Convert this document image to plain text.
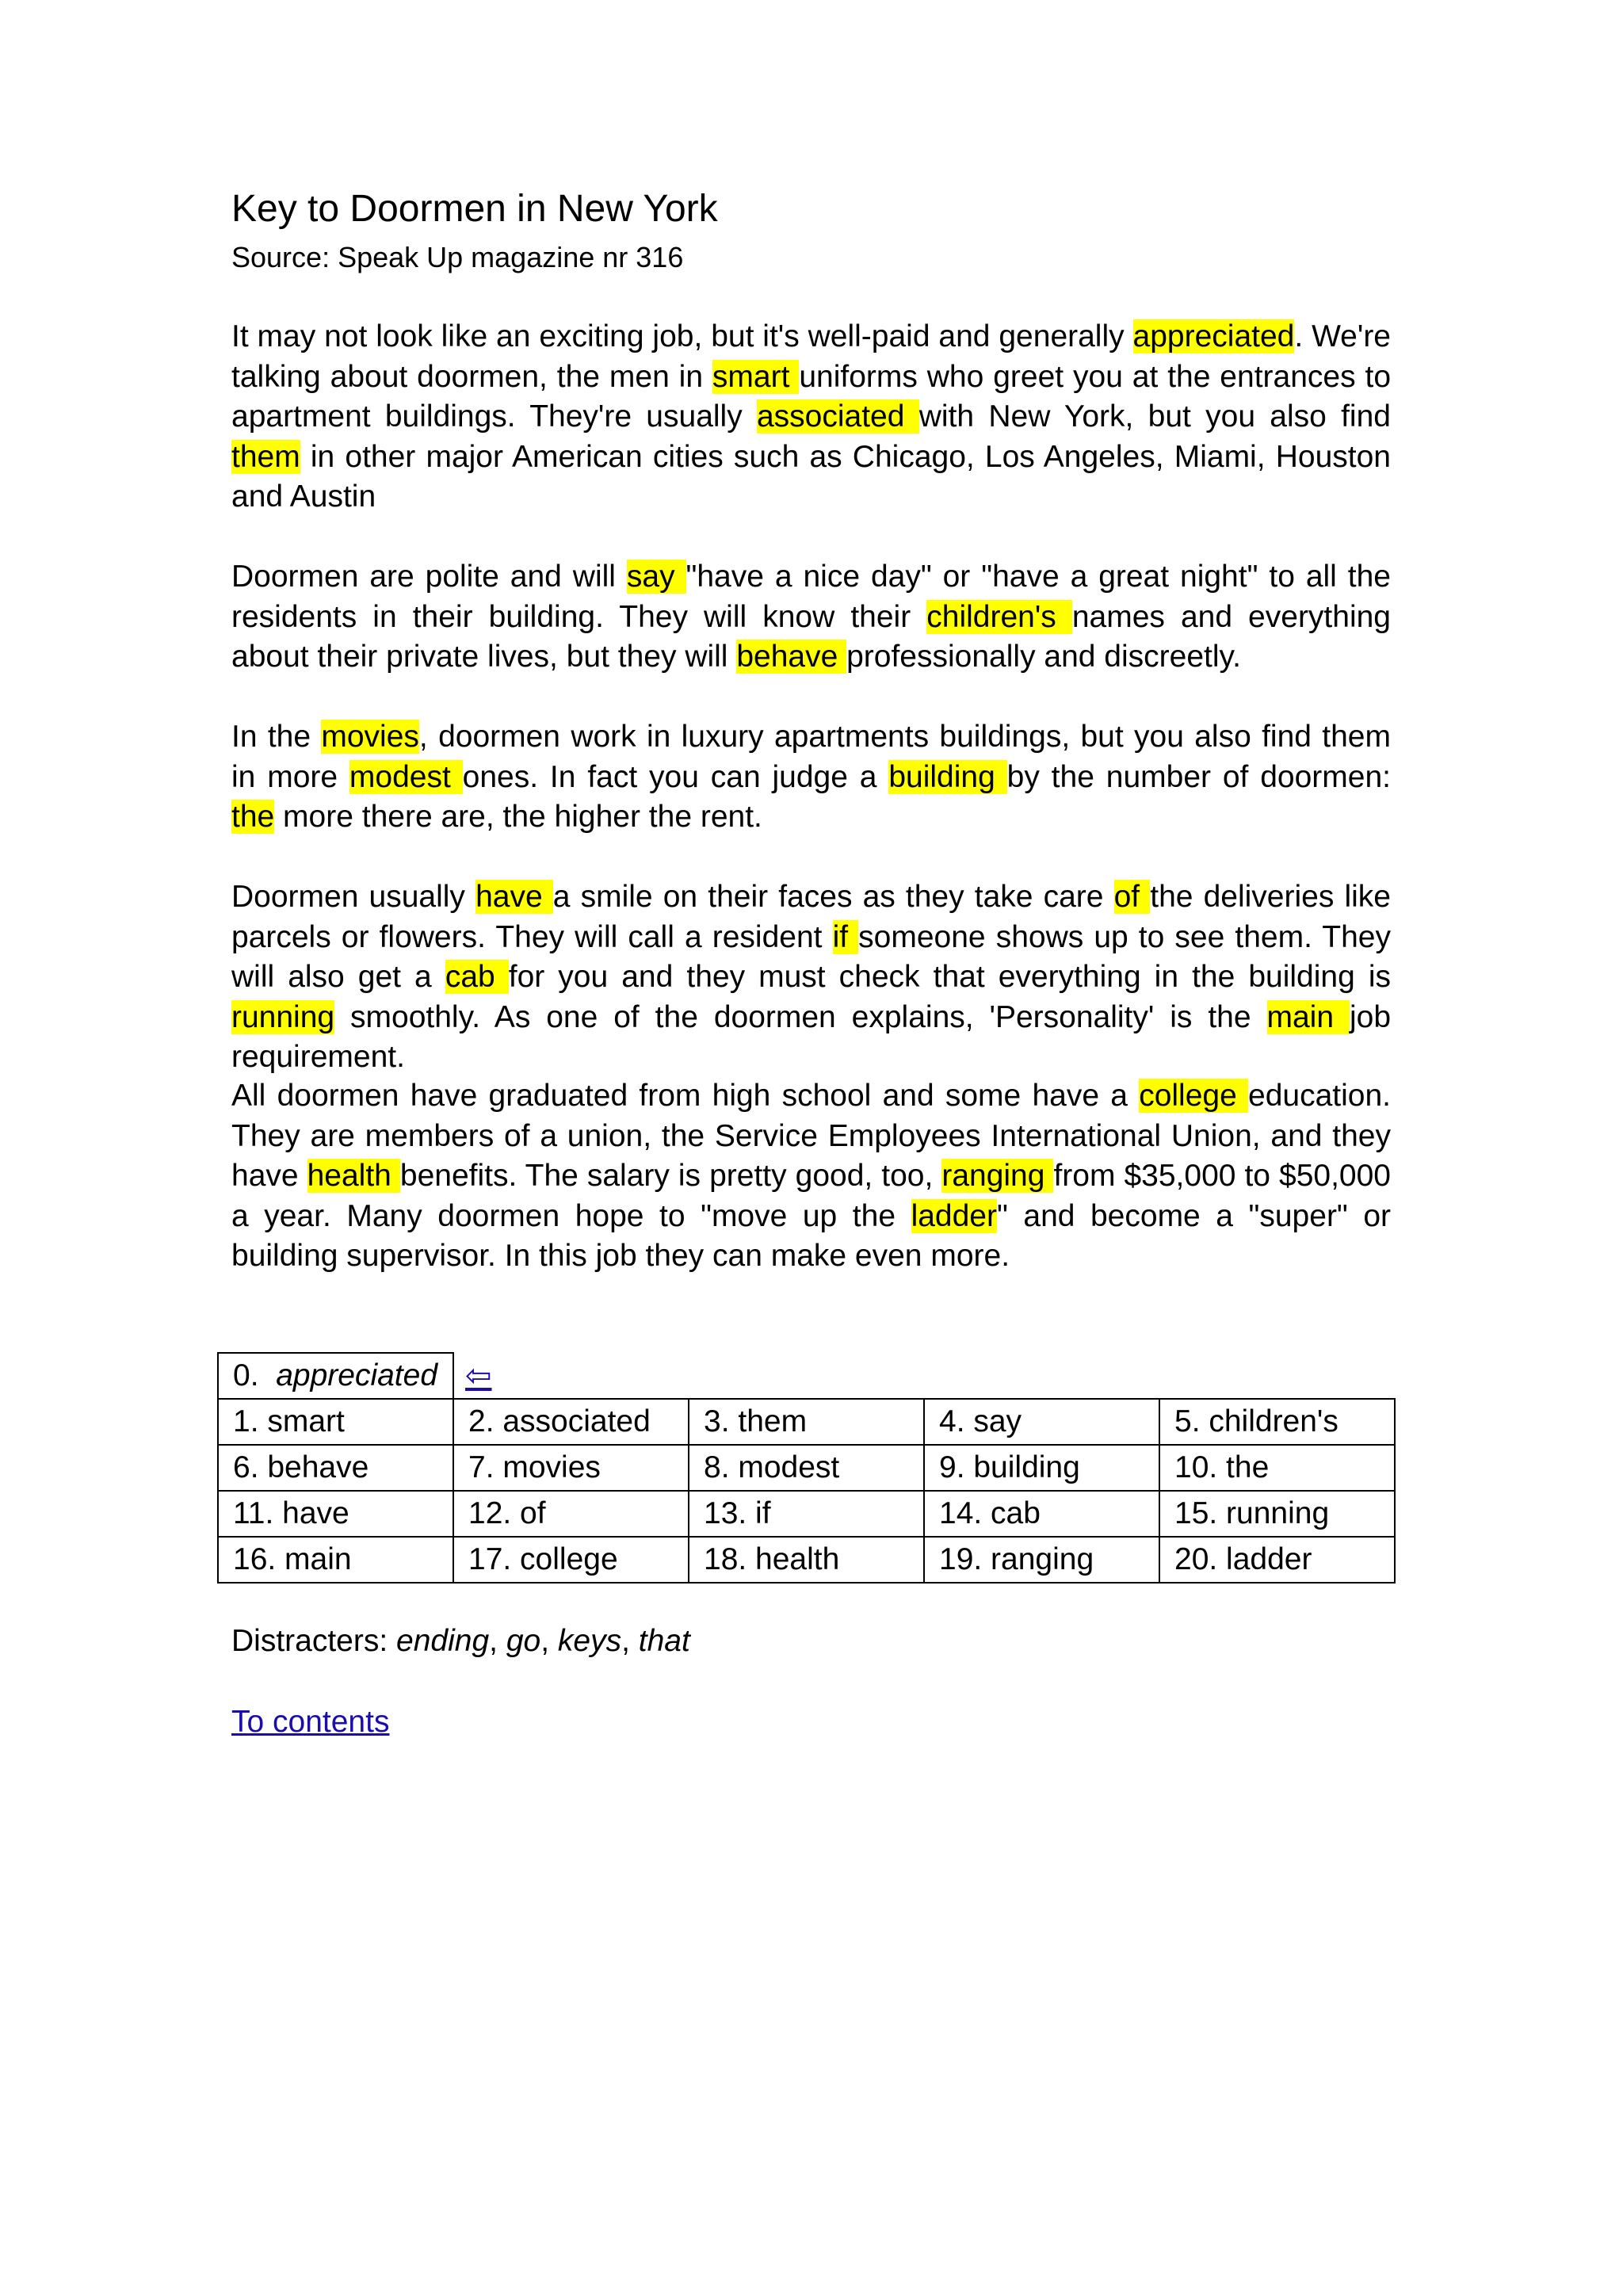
Key to Doormen in New York
Source: Speak Up magazine nr 316

It may not look like an exciting job, but it's well-paid and generally appreciated. We're talking about doormen, the men in smart uniforms who greet you at the entrances to apartment buildings. They're usually associated with New York, but you also find them in other major American cities such as Chicago, Los Angeles, Miami, Houston and Austin

Doormen are polite and will say "have a nice day" or "have a great night" to all the residents in their building. They will know their children's names and everything about their private lives, but they will behave professionally and discreetly.

In the movies, doormen work in luxury apartments buildings, but you also find them in more modest ones. In fact you can judge a building by the number of doormen: the more there are, the higher the rent.

Doormen usually have a smile on their faces as they take care of the deliveries like parcels or flowers. They will call a resident if someone shows up to see them. They will also get a cab for you and they must check that everything in the building is running smoothly. As one of the doormen explains, 'Personality' is the main job requirement.

All doormen have graduated from high school and some have a college education. They are members of a union, the Service Employees International Union, and they have health benefits. The salary is pretty good, too, ranging from $35,000 to $50,000 a year. Many doormen hope to "move up the ladder" and become a "super" or building supervisor. In this job they can make even more.

0. appreciated	⇦			
1. smart	2. associated	3. them	4. say	5. children's
6. behave	7. movies	8. modest	9. building	10. the
11. have	12. of	13. if	14. cab	15. running
16. main	17. college	18. health	19. ranging	20. ladder
Distracters: ending, go, keys, that
To contents
